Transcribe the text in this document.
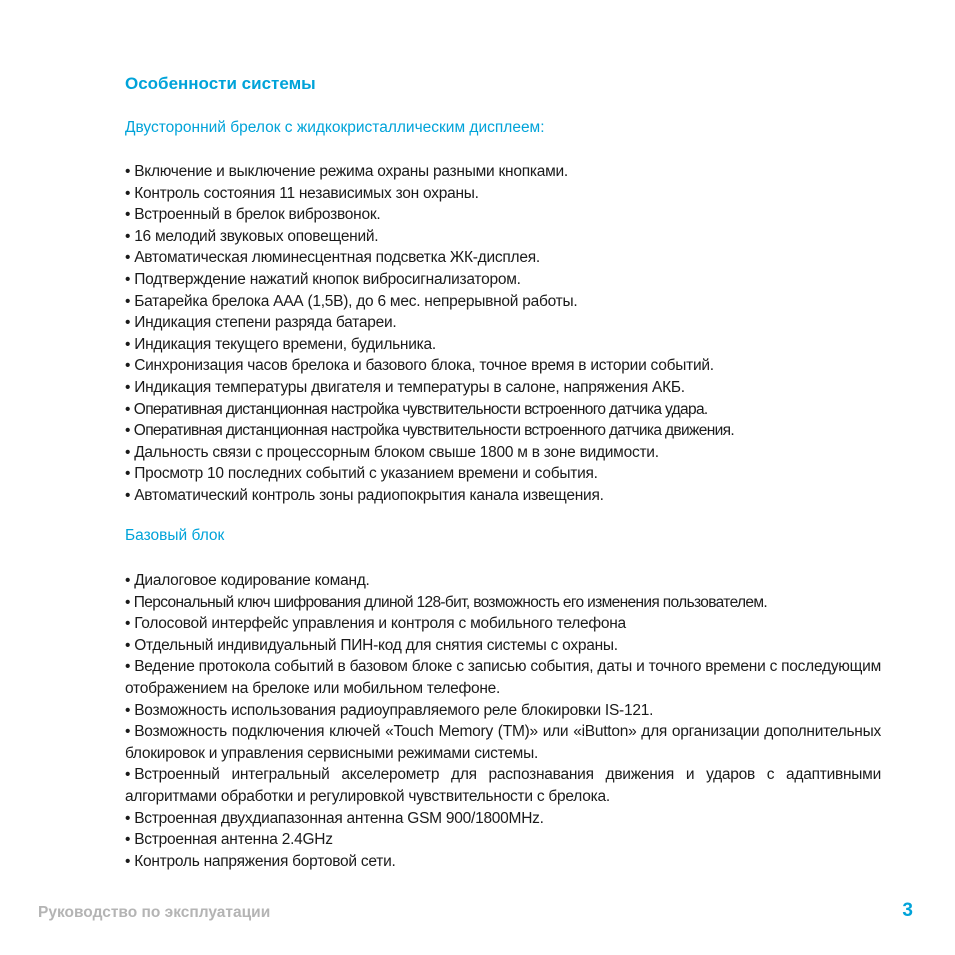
Особенности системы
Двусторонний брелок с жидкокристаллическим дисплеем:
• Включение и выключение режима охраны разными кнопками.
• Контроль состояния 11 независимых зон охраны.
• Встроенный в брелок виброзвонок.
• 16 мелодий звуковых оповещений.
• Автоматическая люминесцентная подсветка ЖК-дисплея.
• Подтверждение нажатий кнопок вибросигнализатором.
• Батарейка брелока ААА (1,5В), до 6 мес. непрерывной работы.
• Индикация степени разряда батареи.
• Индикация текущего времени, будильника.
• Синхронизация часов брелока и базового блока, точное время в истории событий.
• Индикация температуры двигателя и температуры в салоне, напряжения АКБ.
• Оперативная дистанционная настройка чувствительности встроенного датчика удара.
• Оперативная дистанционная настройка чувствительности встроенного датчика движения.
• Дальность связи с процессорным блоком свыше 1800 м в зоне видимости.
• Просмотр 10 последних событий с указанием времени и события.
• Автоматический контроль зоны радиопокрытия канала извещения.
Базовый блок
• Диалоговое кодирование команд.
• Персональный ключ шифрования длиной 128-бит, возможность его изменения пользователем.
• Голосовой интерфейс управления и контроля с мобильного телефона
• Отдельный индивидуальный ПИН-код для снятия системы с охраны.
• Ведение протокола событий в базовом блоке с записью события, даты и точного времени с последующим отображением на брелоке или мобильном телефоне.
• Возможность использования радиоуправляемого реле блокировки IS-121.
• Возможность подключения ключей «Touch Memory (TM)» или «iButton» для организации дополнительных блокировок и управления сервисными режимами системы.
• Встроенный интегральный акселерометр для распознавания движения и ударов с адаптивными алгоритмами обработки и регулировкой чувствительности с брелока.
• Встроенная двухдиапазонная антенна GSM 900/1800MHz.
• Встроенная антенна 2.4GHz
• Контроль напряжения бортовой сети.
Руководство по эксплуатации	3
